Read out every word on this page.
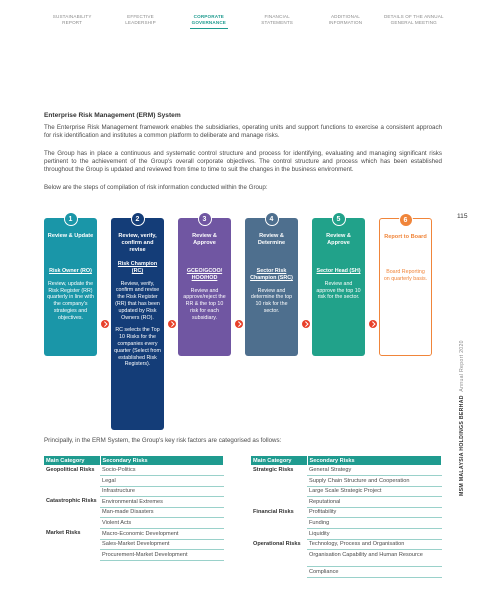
SUSTAINABILITY
REPORT
EFFECTIVE
LEADERSHIP
CORPORATE
GOVERNANCE
FINANCIAL
STATEMENTS
ADDITIONAL
INFORMATION
DETAILS OF THE ANNUAL
GENERAL MEETING
Enterprise Risk Management (ERM) System
The Enterprise Risk Management framework enables the subsidiaries, operating units and support functions to exercise a consistent approach for risk identification and institutes a common platform to deliberate and manage risks.
The Group has in place a continuous and systematic control structure and process for identifying, evaluating and managing significant risks pertinent to the achievement of the Group's overall corporate objectives. The control structure and process which has been established throughout the Group is updated and reviewed from time to time to suit the changes in the business environment.
Below are the steps of compilation of risk information conducted within the Group:
1
Review & Update
Risk Owner (RO)
Review, update the Risk Register (RR) quarterly in line with the company's strategies and objectives.
2
Review, verify, confirm and revise
Risk Champion (RC)
Review, verify, confirm and revise the Risk Register (RR) that has been updated by Risk Owners (RO).
RC selects the Top 10 Risks for the companies every quarter (Select from established Risk Registers).
3
Review & Approve
GCEO/GCOO/ HOO/HOD
Review and approve/reject the RR & the top 10 risk for each subsidiary.
4
Review & Determine
Sector Risk Champion (SRC)
Review and determine the top 10 risk for the sector.
5
Review & Approve
Sector Head (SH)
Review and approve the top 10 risk for the sector.
6
Report to Board
Board Reporting on quarterly basis.
Principally, in the ERM System, the Group's key risk factors are categorised as follows:
Main Category	Secondary Risks
Geopolitical Risks	Socio-Politics
	Legal
	Infrastructure
Catastrophic Risks	Environmental Extremes
	Man-made Disasters
	Violent Acts
Market Risks	Macro-Economic Development
	Sales-Market Development
	Procurement-Market Development
Main Category	Secondary Risks
Strategic Risks	General Strategy
	Supply Chain Structure and Cooperation
	Large Scale Strategic Project
	Reputational
Financial Risks	Profitability
	Funding
	Liquidity
Operational Risks	Technology, Process and Organisation
	Organisation Capability and Human Resource
	Compliance
115
MSM MALAYSIA HOLDINGS BERHAD  Annual Report 2020
